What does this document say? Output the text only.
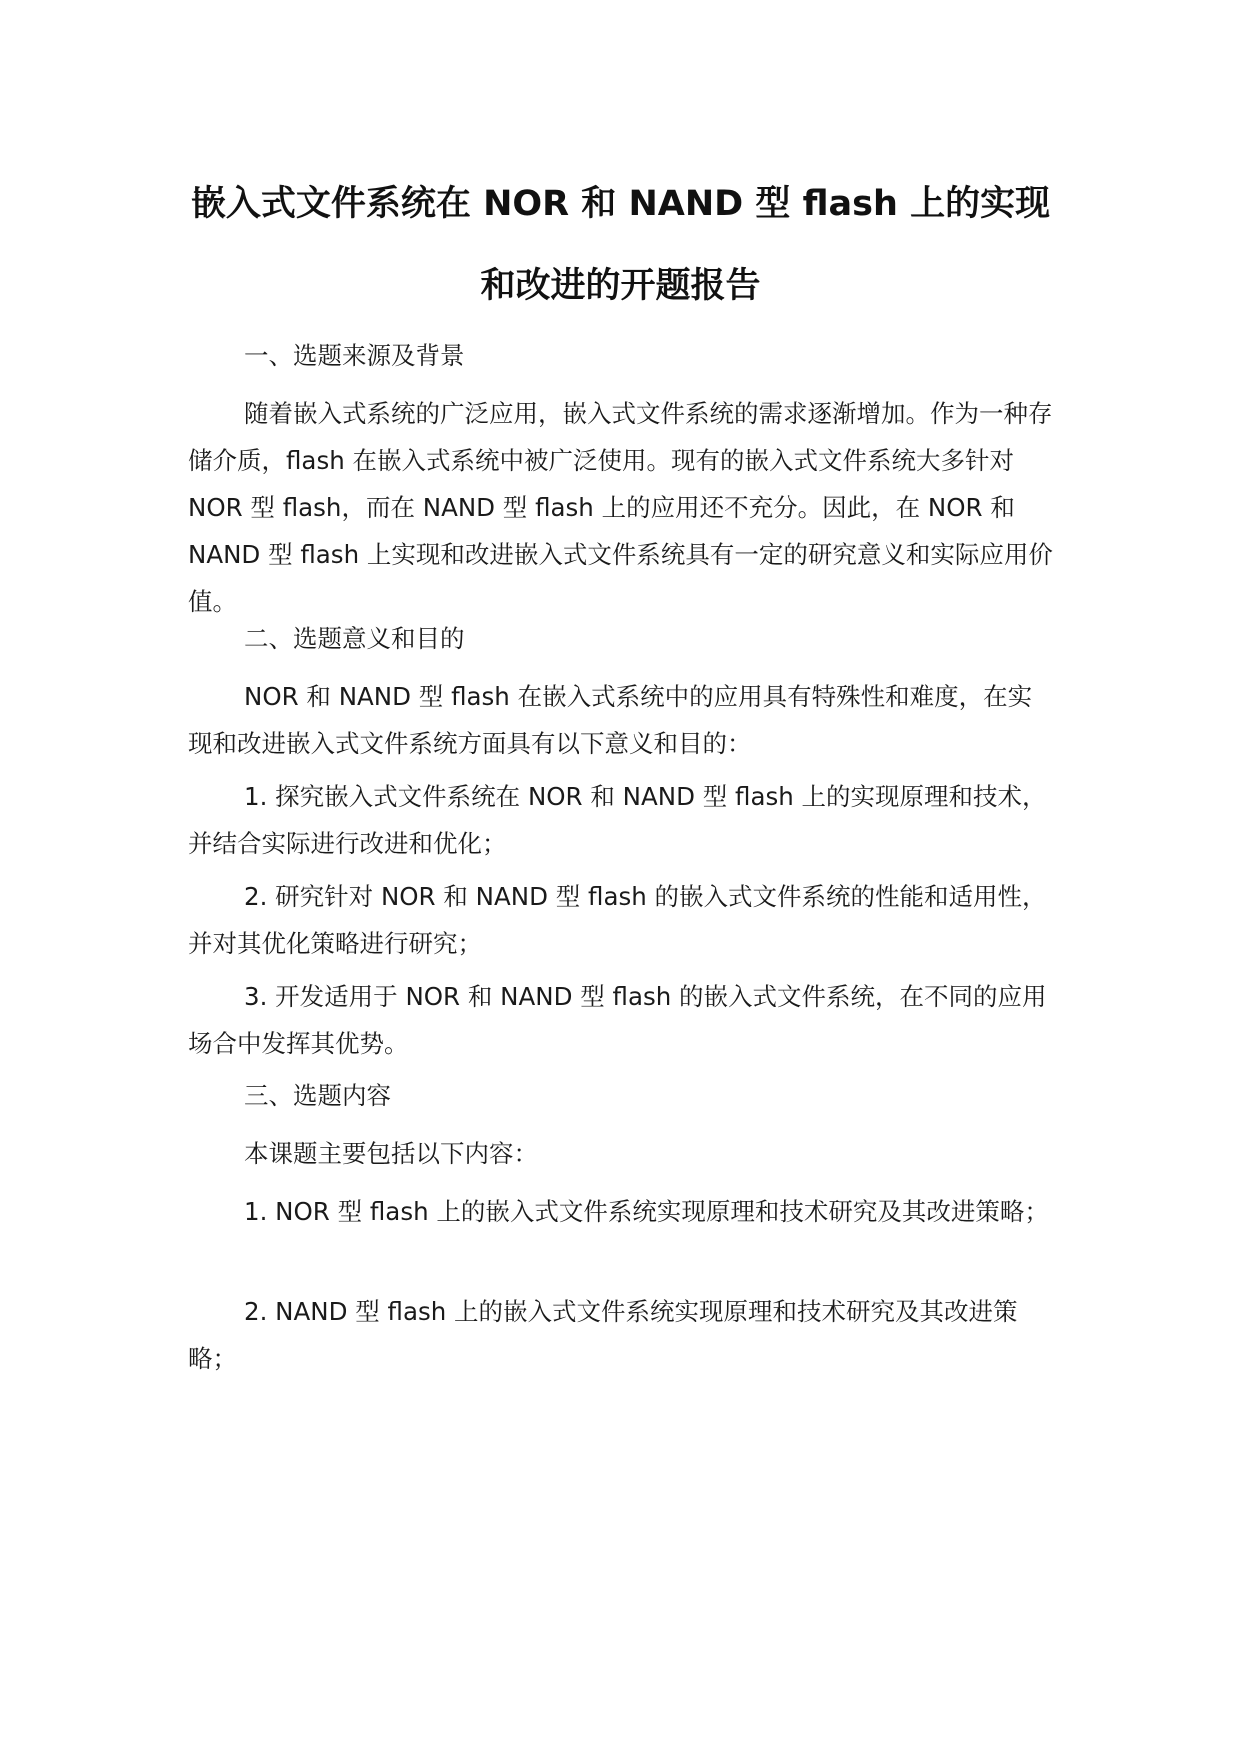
嵌入式文件系统在 NOR 和 NAND 型 flash 上的实现
和改进的开题报告

一、选题来源及背景

随着嵌入式系统的广泛应用，嵌入式文件系统的需求逐渐增加。作为一种存储介质，flash 在嵌入式系统中被广泛使用。现有的嵌入式文件系统大多针对 NOR 型 flash，而在 NAND 型 flash 上的应用还不充分。因此，在 NOR 和 NAND 型 flash 上实现和改进嵌入式文件系统具有一定的研究意义和实际应用价值。

二、选题意义和目的

NOR 和 NAND 型 flash 在嵌入式系统中的应用具有特殊性和难度，在实现和改进嵌入式文件系统方面具有以下意义和目的：

1. 探究嵌入式文件系统在 NOR 和 NAND 型 flash 上的实现原理和技术，并结合实际进行改进和优化；

2. 研究针对 NOR 和 NAND 型 flash 的嵌入式文件系统的性能和适用性，并对其优化策略进行研究；

3. 开发适用于 NOR 和 NAND 型 flash 的嵌入式文件系统，在不同的应用场合中发挥其优势。

三、选题内容

本课题主要包括以下内容：

1. NOR 型 flash 上的嵌入式文件系统实现原理和技术研究及其改进策略；

2. NAND 型 flash 上的嵌入式文件系统实现原理和技术研究及其改进策略；
